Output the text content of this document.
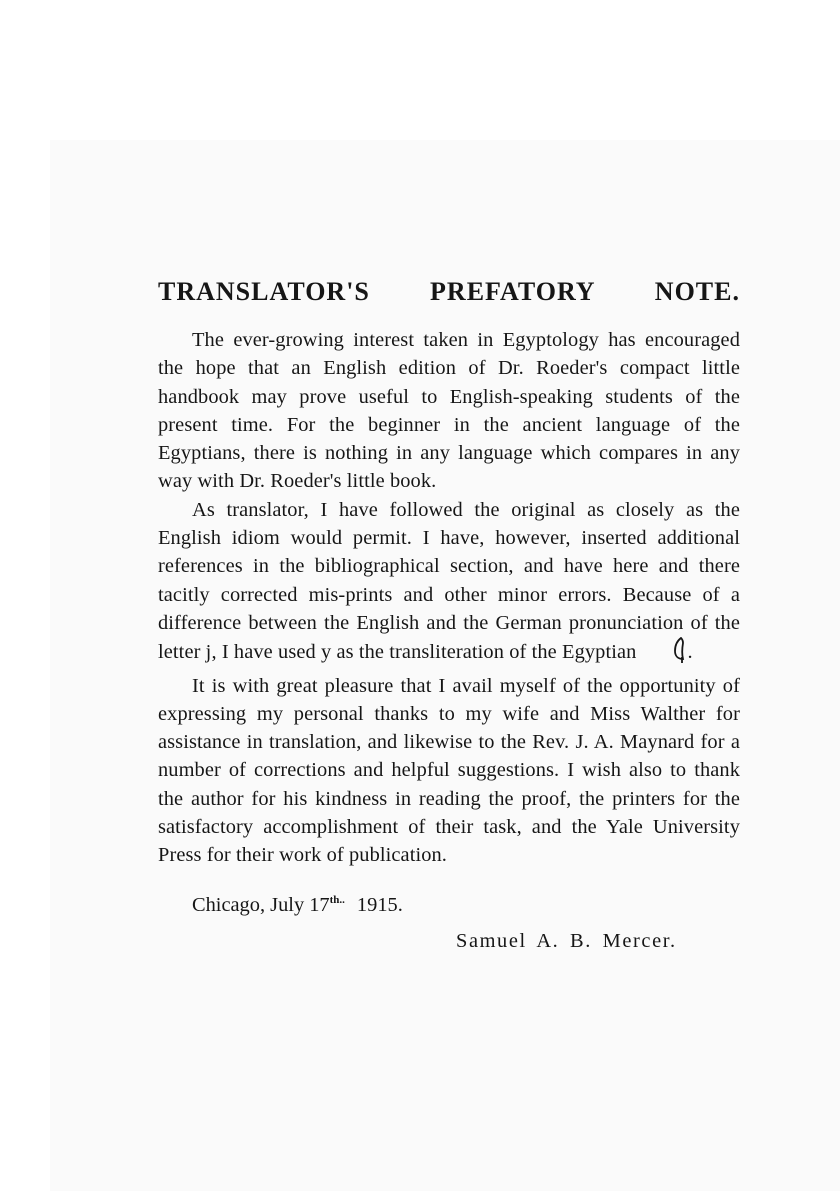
TRANSLATOR'S PREFATORY NOTE.

The ever-growing interest taken in Egyptology has encouraged the hope that an English edition of Dr. Roeder's compact little handbook may prove useful to English-speaking students of the present time. For the beginner in the ancient language of the Egyptians, there is nothing in any language which compares in any way with Dr. Roeder's little book.

As translator, I have followed the original as closely as the English idiom would permit. I have, however, inserted additional references in the bibliographical section, and have here and there tacitly corrected mis-prints and other minor errors. Because of a difference between the English and the German pronunciation of the letter j, I have used y as the transliteration of the Egyptian	.

It is with great pleasure that I avail myself of the opportunity of expressing my personal thanks to my wife and Miss Walther for assistance in translation, and likewise to the Rev. J. A. Maynard for a number of corrections and helpful suggestions. I wish also to thank the author for his kindness in reading the proof, the printers for the satisfactory accomplishment of their task, and the Yale University Press for their work of publication.

Chicago, July $17^{th..}$ 1915.
Samuel A. B. Mercer.
